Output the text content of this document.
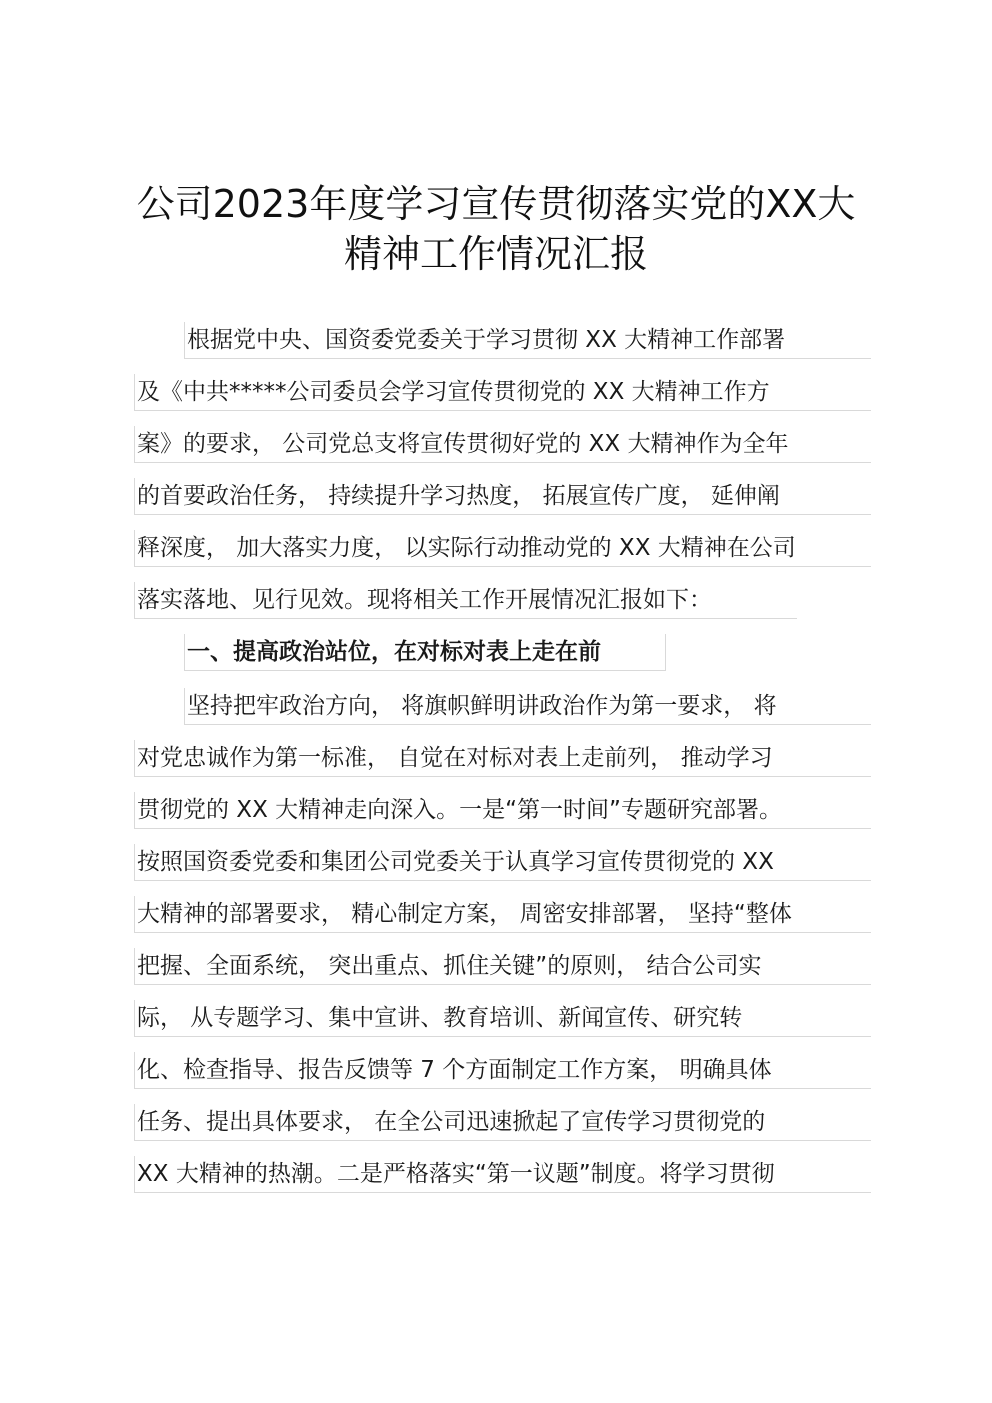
公司2023年度学习宣传贯彻落实党的XX大
精神工作情况汇报
根据党中央、国资委党委关于学习贯彻 XX 大精神工作部署
及《中共*****公司委员会学习宣传贯彻党的 XX 大精神工作方
案》的要求， 公司党总支将宣传贯彻好党的 XX 大精神作为全年
的首要政治任务， 持续提升学习热度， 拓展宣传广度， 延伸阐
释深度， 加大落实力度， 以实际行动推动党的 XX 大精神在公司
落实落地、见行见效。现将相关工作开展情况汇报如下：
一、提高政治站位，在对标对表上走在前
坚持把牢政治方向， 将旗帜鲜明讲政治作为第一要求， 将
对党忠诚作为第一标准， 自觉在对标对表上走前列， 推动学习
贯彻党的 XX 大精神走向深入。一是“第一时间”专题研究部署。
按照国资委党委和集团公司党委关于认真学习宣传贯彻党的 XX
大精神的部署要求， 精心制定方案， 周密安排部署， 坚持“整体
把握、全面系统， 突出重点、抓住关键”的原则， 结合公司实
际， 从专题学习、集中宣讲、教育培训、新闻宣传、研究转
化、检查指导、报告反馈等 7 个方面制定工作方案， 明确具体
任务、提出具体要求， 在全公司迅速掀起了宣传学习贯彻党的
XX 大精神的热潮。二是严格落实“第一议题”制度。将学习贯彻
